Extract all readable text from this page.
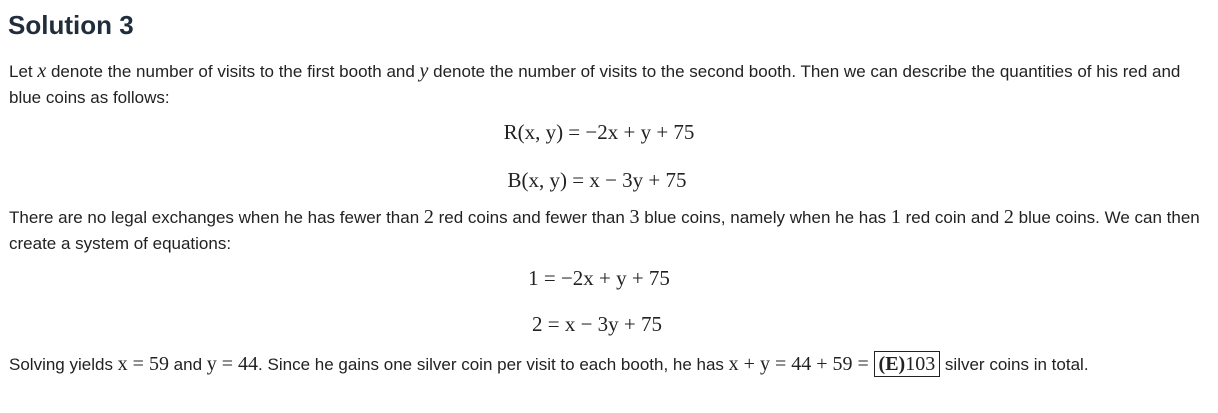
Solution 3

Let x denote the number of visits to the first booth and y denote the number of visits to the second booth. Then we can describe the quantities of his red and blue coins as follows:

R(x, y) = −2x + y + 75
B(x, y) = x − 3y + 75

There are no legal exchanges when he has fewer than 2 red coins and fewer than 3 blue coins, namely when he has 1 red coin and 2 blue coins. We can then create a system of equations:

1 = −2x + y + 75
2 = x − 3y + 75

Solving yields x = 59 and y = 44. Since he gains one silver coin per visit to each booth, he has x + y = 44 + 59 = (E)103 silver coins in total.
